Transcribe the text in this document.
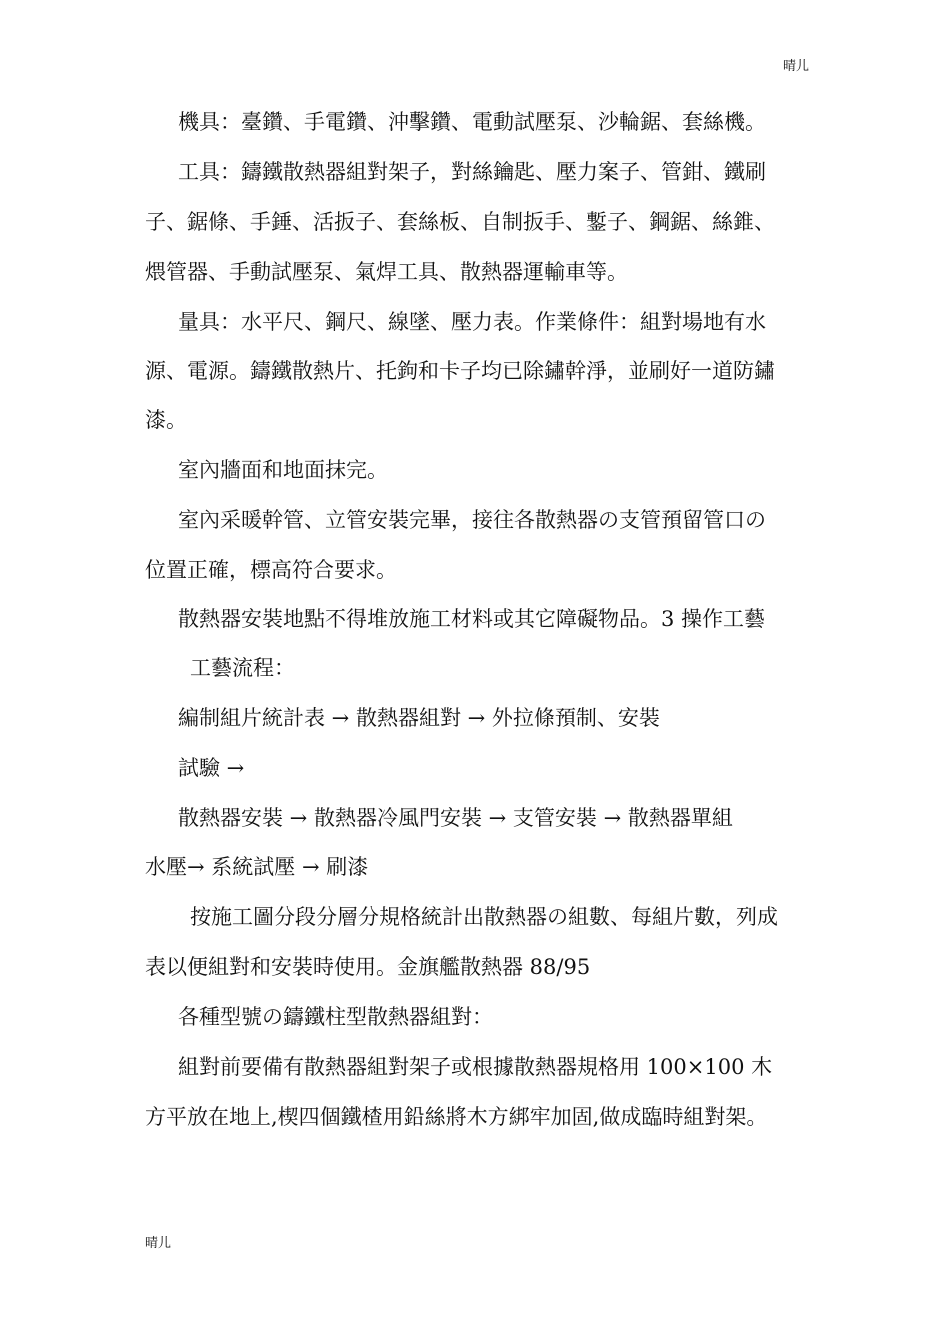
晴儿
機具：臺鑽、手電鑽、沖擊鑽、電動試壓泵、沙輪鋸、套絲機。
工具：鑄鐵散熱器組對架子，對絲鑰匙、壓力案子、管鉗、鐵刷
子、鋸條、手錘、活扳子、套絲板、自制扳手、鏨子、鋼鋸、絲錐、
煨管器、手動試壓泵、氣焊工具、散熱器運輸車等。
量具：水平尺、鋼尺、線墜、壓力表。作業條件：組對場地有水
源、電源。鑄鐵散熱片、托鉤和卡子均已除鏽幹淨，並刷好一道防鏽
漆。
室內牆面和地面抹完。
室內采暖幹管、立管安裝完畢，接往各散熱器の支管預留管口の
位置正確，標高符合要求。
散熱器安裝地點不得堆放施工材料或其它障礙物品。3 操作工藝
工藝流程：
編制組片統計表 → 散熱器組對 → 外拉條預制、安裝
試驗 →
散熱器安裝 → 散熱器冷風門安裝 → 支管安裝 → 散熱器單組
水壓→ 系統試壓 → 刷漆
按施工圖分段分層分規格統計出散熱器の組數、每組片數，列成
表以便組對和安裝時使用。金旗艦散熱器 88/95
各種型號の鑄鐵柱型散熱器組對：
組對前要備有散熱器組對架子或根據散熱器規格用 100×100 木
方平放在地上,楔四個鐵楂用鉛絲將木方綁牢加固,做成臨時組對架。
晴儿
